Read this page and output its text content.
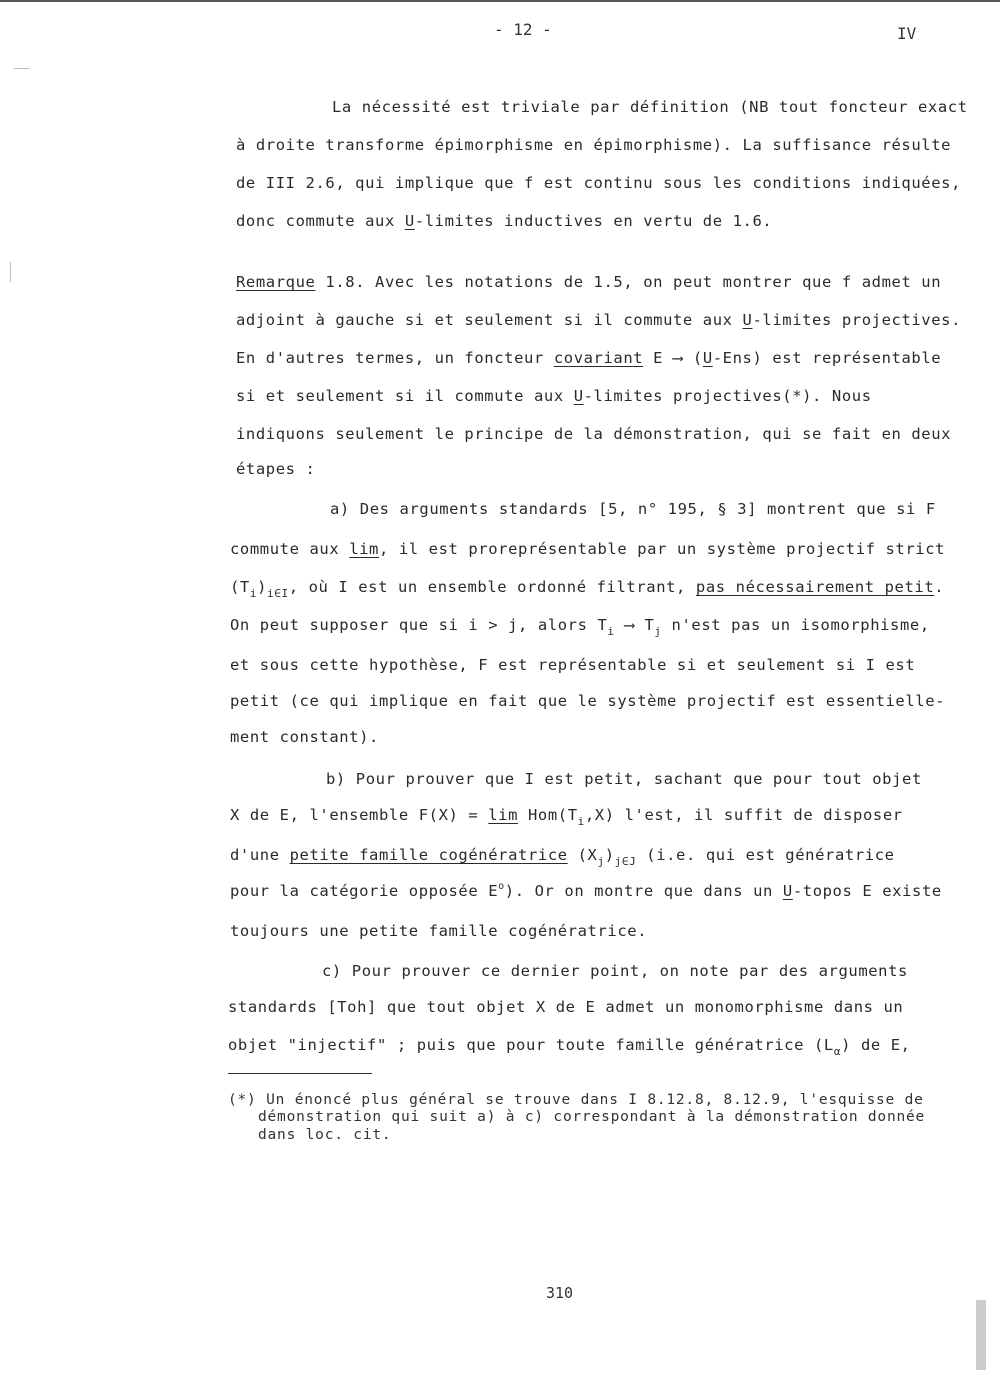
- 12 -	IV
La nécessité est triviale par définition (NB tout foncteur exact
à droite transforme épimorphisme en épimorphisme). La suffisance résulte
de III 2.6, qui implique que f est continu sous les conditions indiquées,
donc commute aux U-limites inductives en vertu de 1.6.
Remarque 1.8. Avec les notations de 1.5, on peut montrer que f admet un
adjoint à gauche si et seulement si il commute aux U-limites projectives.
En d'autres termes, un foncteur covariant E ⟶ (U-Ens) est représentable
si et seulement si il commute aux U-limites projectives(*). Nous
indiquons seulement le principe de la démonstration, qui se fait en deux
étapes :
a) Des arguments standards [5, n° 195, § 3] montrent que si F
commute aux lim, il est proreprésentable par un système projectif strict
$(T_i)_{i\in I}$, où I est un ensemble ordonné filtrant, pas nécessairement petit.
On peut supposer que si i > j, alors $T_i$ ⟶ $T_j$ n'est pas un isomorphisme,
et sous cette hypothèse, F est représentable si et seulement si I est
petit (ce qui implique en fait que le système projectif est essentielle-
ment constant).
b) Pour prouver que I est petit, sachant que pour tout objet
X de E, l'ensemble $F(X) = \lim Hom(T_i,X)$ l'est, il suffit de disposer
d'une petite famille cogénératrice $(X_j)_{j\in J}$ (i.e. qui est génératrice
pour la catégorie opposée $E^o$). Or on montre que dans un U-topos E existe
toujours une petite famille cogénératrice.
c) Pour prouver ce dernier point, on note par des arguments
standards [Toh] que tout objet X de E admet un monomorphisme dans un
objet "injectif" ; puis que pour toute famille génératrice $(L_\alpha)$ de E,
(*) Un énoncé plus général se trouve dans I 8.12.8, 8.12.9, l'esquisse de
démonstration qui suit a) à c) correspondant à la démonstration donnée
dans loc. cit.
310
